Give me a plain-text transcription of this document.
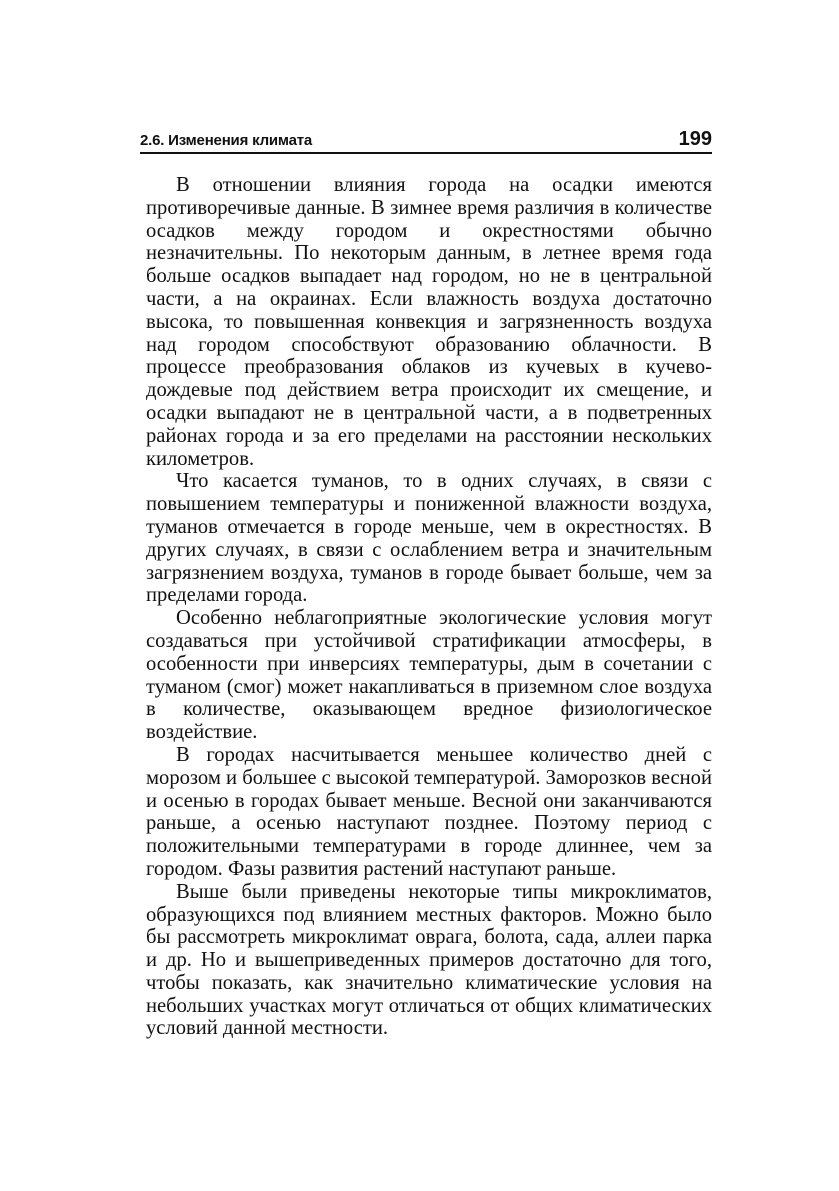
2.6. Изменения климата	199

В отношении влияния города на осадки имеются противоречивые данные. В зимнее время различия в количестве осадков между городом и окрестностями обычно незначительны. По некоторым данным, в летнее время года больше осадков выпадает над городом, но не в центральной части, а на окраинах. Если влажность воздуха достаточно высока, то повышенная конвекция и загрязненность воздуха над городом способствуют образованию облачности. В процессе преобразования облаков из кучевых в кучево-дождевые под действием ветра происходит их смещение, и осадки выпадают не в центральной части, а в подветренных районах города и за его пределами на расстоянии нескольких километров.

Что касается туманов, то в одних случаях, в связи с повышением температуры и пониженной влажности воздуха, туманов отмечается в городе меньше, чем в окрестностях. В других случаях, в связи с ослаблением ветра и значительным загрязнением воздуха, туманов в городе бывает больше, чем за пределами города.

Особенно неблагоприятные экологические условия могут создаваться при устойчивой стратификации атмосферы, в особенности при инверсиях температуры, дым в сочетании с туманом (смог) может накапливаться в приземном слое воздуха в количестве, оказывающем вредное физиологическое воздействие.

В городах насчитывается меньшее количество дней с морозом и большее с высокой температурой. Заморозков весной и осенью в городах бывает меньше. Весной они заканчиваются раньше, а осенью наступают позднее. Поэтому период с положительными температурами в городе длиннее, чем за городом. Фазы развития растений наступают раньше.

Выше были приведены некоторые типы микроклиматов, образующихся под влиянием местных факторов. Можно было бы рассмотреть микроклимат оврага, болота, сада, аллеи парка и др. Но и вышеприведенных примеров достаточно для того, чтобы показать, как значительно климатические условия на небольших участках могут отличаться от общих климатических условий данной местности.
